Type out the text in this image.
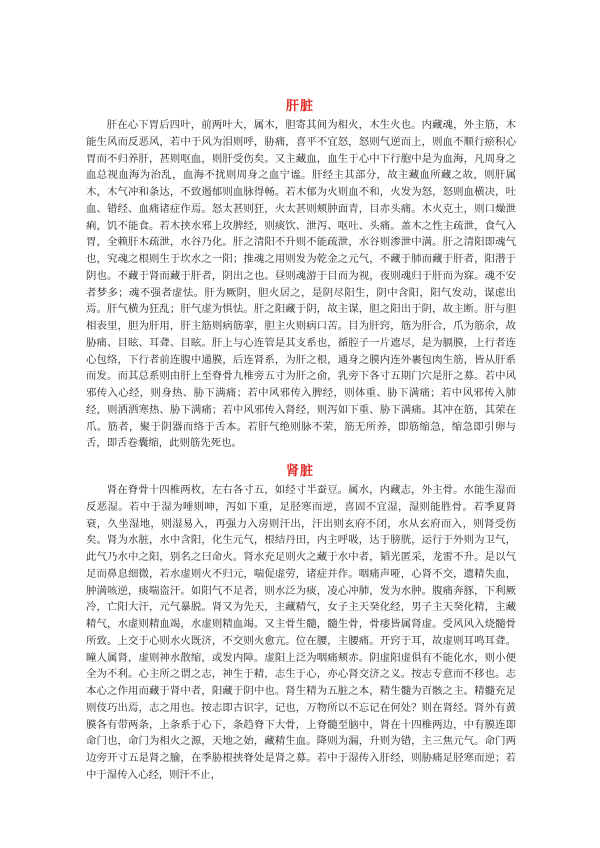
肝脏

肝在心下胃后四叶，前两叶大，属木，胆寄其间为相火，木生火也。内藏魂，外主筋，木能生风而反恶风，若中于风为泪则呼，胁痛，喜平不宜怒，怒则气逆而上，则血不顺行瘀积心胃而不归养肝，甚则呕血，则肝受伤矣。又主藏血，血生于心中下行胞中是为血海，凡周身之血总视血海为治乱，血海不扰则周身之血宁谧。肝经主其部分，故主藏血所藏之故，则肝属木，木气冲和条达，不致遏郁则血脉得畅。若木郁为火则血不和，火发为怒，怒则血横决，吐血、错经、血痛诸症作焉。怒太甚则狂，火太甚则颊肿面青，目赤头痛。木火克土，则口燥泄痢，饥不能食。若木挟水邪上攻脾经，则痰饮、泄泻、呕吐、头痛。盖木之性主疏泄，食气入胃，全赖肝木疏泄，水谷乃化。肝之清阳不升则不能疏泄，水谷则渗泄中满。肝之清阳即魂气也，究魂之根则生于坎水之一阳；推魂之用则发为乾金之元气，不藏于肺而藏于肝者，阳潜于阴也。不藏于肾而藏于肝者，阴出之也。昼则魂游于目而为视，夜则魂归于肝而为寐。魂不安者梦多；魂不强者虚怯。肝为厥阴，胆火居之，是阴尽阳生，阴中含阳，阳气发动，谋虑出焉。肝气横为狂乱；肝气虚为惧怯。肝之阳藏于阴，故主谋，胆之阳出于阴，故主断。肝与胆相表里，胆为肝用，肝主筋则病筋挛，胆主火则病口苦。目为肝窍，筋为肝合，爪为筋余，故胁痛、目眩、耳聋、目眩。肝上与心连管是其支系也，循腔子一片遮尽，是为膈膜，上行者连心包络，下行者前连腹中通膜，后连肾系，为肝之根，通身之膜内连外裹包肉生筋，皆从肝系而发。而其总系则由肝上至脊骨九椎旁五寸为肝之俞，乳旁下各寸五期门穴是肝之募。若中风邪传入心经，则身热、胁下满痛；若中风邪传入脾经，则体重、胁下满痛；若中风邪传入肺经，则洒洒寒热、胁下满痛；若中风邪传入肾经，则泻如下重、胁下满痛。其冲在筋，其荣在爪。筋者，聚于阴器而络于舌本。若肝气绝则脉不荣，筋无所养，即筋缩急，缩急即引卵与舌，即舌卷囊缩，此则筋先死也。

肾脏

肾在脊骨十四椎两枚，左右各寸五，如经寸半蚕豆。属水，内藏志，外主骨。水能生湿而反恶湿。若中于湿为唾则呻，泻如下重，足胫寒而逆，喜固不宜湿，湿则能胜骨。若季夏肾衰，久坐湿地，则湿易入，再强力入房则汗出，汗出则玄府不闭，水从玄府而入，则肾受伤矣。肾为水脏，水中含阳，化生元气，根结丹田，内主呼吸，达于膀胱，运行于外则为卫气，此气乃水中之阳，别名之曰命火。肾水充足则火之藏于水中者，韬光匿采，龙雷不升。是以气足而鼻息细微，若水虚则火不归元，喘促虚劳，诸症并作。咽痛声哑，心肾不交，遗精失血，肿满咳逆，痰喘盗汗。如阳气不足者，则水泛为痰，凌心冲肺，发为水肿。腹痛奔豚，下利厥冷，亡阳大汗，元气暴脱。肾又为先天，主藏精气，女子主天癸化经，男子主天癸化精，主藏精气，水虚则精血竭，水虚则精血竭。又主骨生髓，髓生骨，骨痿皆属肾虚。受风风入烧髓骨所致。上交于心则水火既济，不交则火愈亢。位在腰，主腰痛。开窍于耳，故虚则耳鸣耳聋。瞳人属肾，虚则神水散缩，或发内障。虚阳上泛为咽痛颊赤。阴虚阳虚俱有不能化水，则小便全为不利。心主所之谓之志，神生于精，志生于心，亦心肾交济之义。按志专意而不移也。志本心之作用而藏于肾中者，阳藏于阴中也。肾生精为五脏之本，精生髓为百骸之主。精髓充足则伎巧出焉，志之用也。按志即古识字，记也，万物所以不忘记在何处？则在肾经。肾外有黄膜各有带两条，上条系于心下，条趋脊下大骨，上脊髓至脑中，肾在十四椎两边，中有膜连即命门也，命门为相火之源，天地之始，藏精生血。降则为漏，升则为错，主三焦元气。命门两边旁开寸五是肾之腧，在季胁根挟脊处是肾之募。若中于湿传入肝经，则胁痛足胫寒而逆；若中于湿传入心经，则汗不止，
